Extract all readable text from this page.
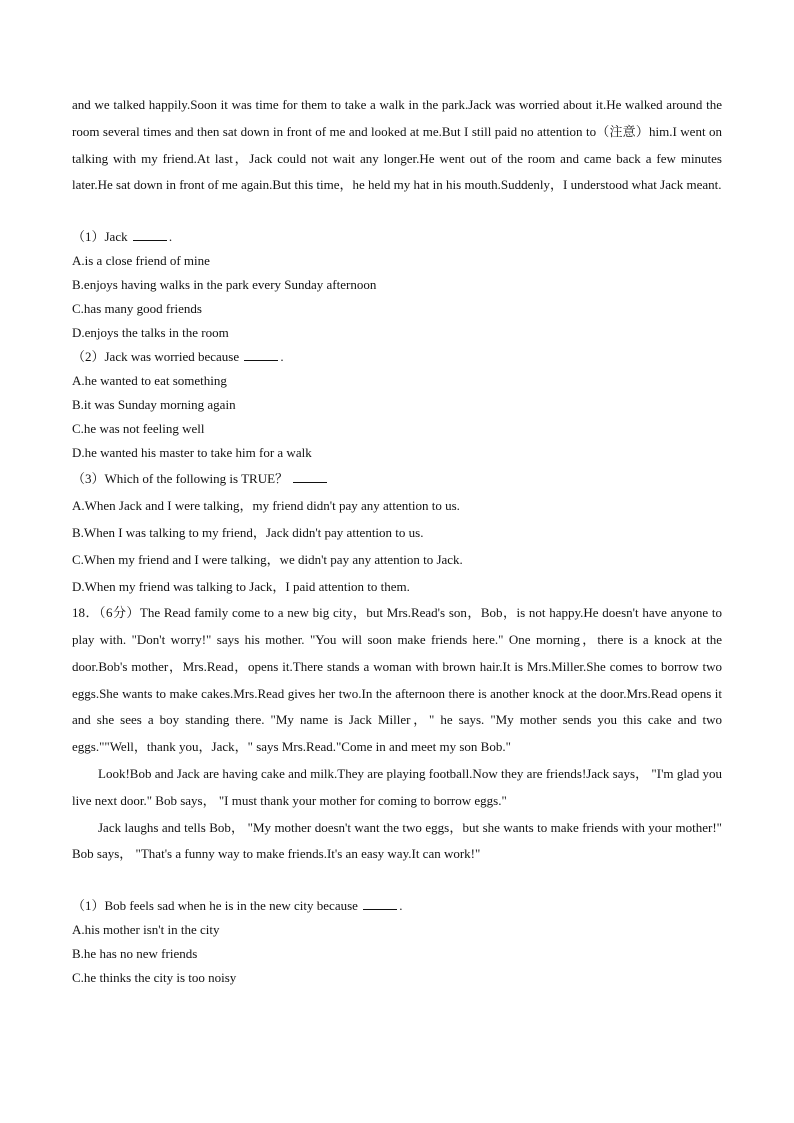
and we talked happily.Soon it was time for them to take a walk in the park.Jack was worried about it.He walked around the room several times and then sat down in front of me and looked at me.But I still paid no attention to（注意）him.I went on talking with my friend.At last，Jack could not wait any longer.He went out of the room and came back a few minutes later.He sat down in front of me again.But this time，he held my hat in his mouth.Suddenly，I understood what Jack meant.

（1）Jack	.

A.is a close friend of mine

B.enjoys having walks in the park every Sunday afternoon

C.has many good friends

D.enjoys the talks in the room

（2）Jack was worried because	.

A.he wanted to eat something

B.it was Sunday morning again

C.he was not feeling well

D.he wanted his master to take him for a walk

（3）Which of the following is TRUE？

A.When Jack and I were talking，my friend didn't pay any attention to us.

B.When I was talking to my friend，Jack didn't pay attention to us.

C.When my friend and I were talking，we didn't pay any attention to Jack.

D.When my friend was talking to Jack，I paid attention to them.

18．（6分）The Read family come to a new big city，but Mrs.Read's son，Bob，is not happy.He doesn't have anyone to play with. "Don't worry!" says his mother. "You will soon make friends here." One morning，there is a knock at the door.Bob's mother，Mrs.Read，opens it.There stands a woman with brown hair.It is Mrs.Miller.She comes to borrow two eggs.She wants to make cakes.Mrs.Read gives her two.In the afternoon there is another knock at the door.Mrs.Read opens it and she sees a boy standing there. "My name is Jack Miller，" he says. "My mother sends you this cake and two eggs.""Well，thank you，Jack，" says Mrs.Read."Come in and meet my son Bob."

Look!Bob and Jack are having cake and milk.They are playing football.Now they are friends!Jack says， "I'm glad you live next door." Bob says， "I must thank your mother for coming to borrow eggs."

Jack laughs and tells Bob， "My mother doesn't want the two eggs，but she wants to make friends with your mother!" Bob says， "That's a funny way to make friends.It's an easy way.It can work!"

（1）Bob feels sad when he is in the new city because	.

A.his mother isn't in the city

B.he has no new friends

C.he thinks the city is too noisy
